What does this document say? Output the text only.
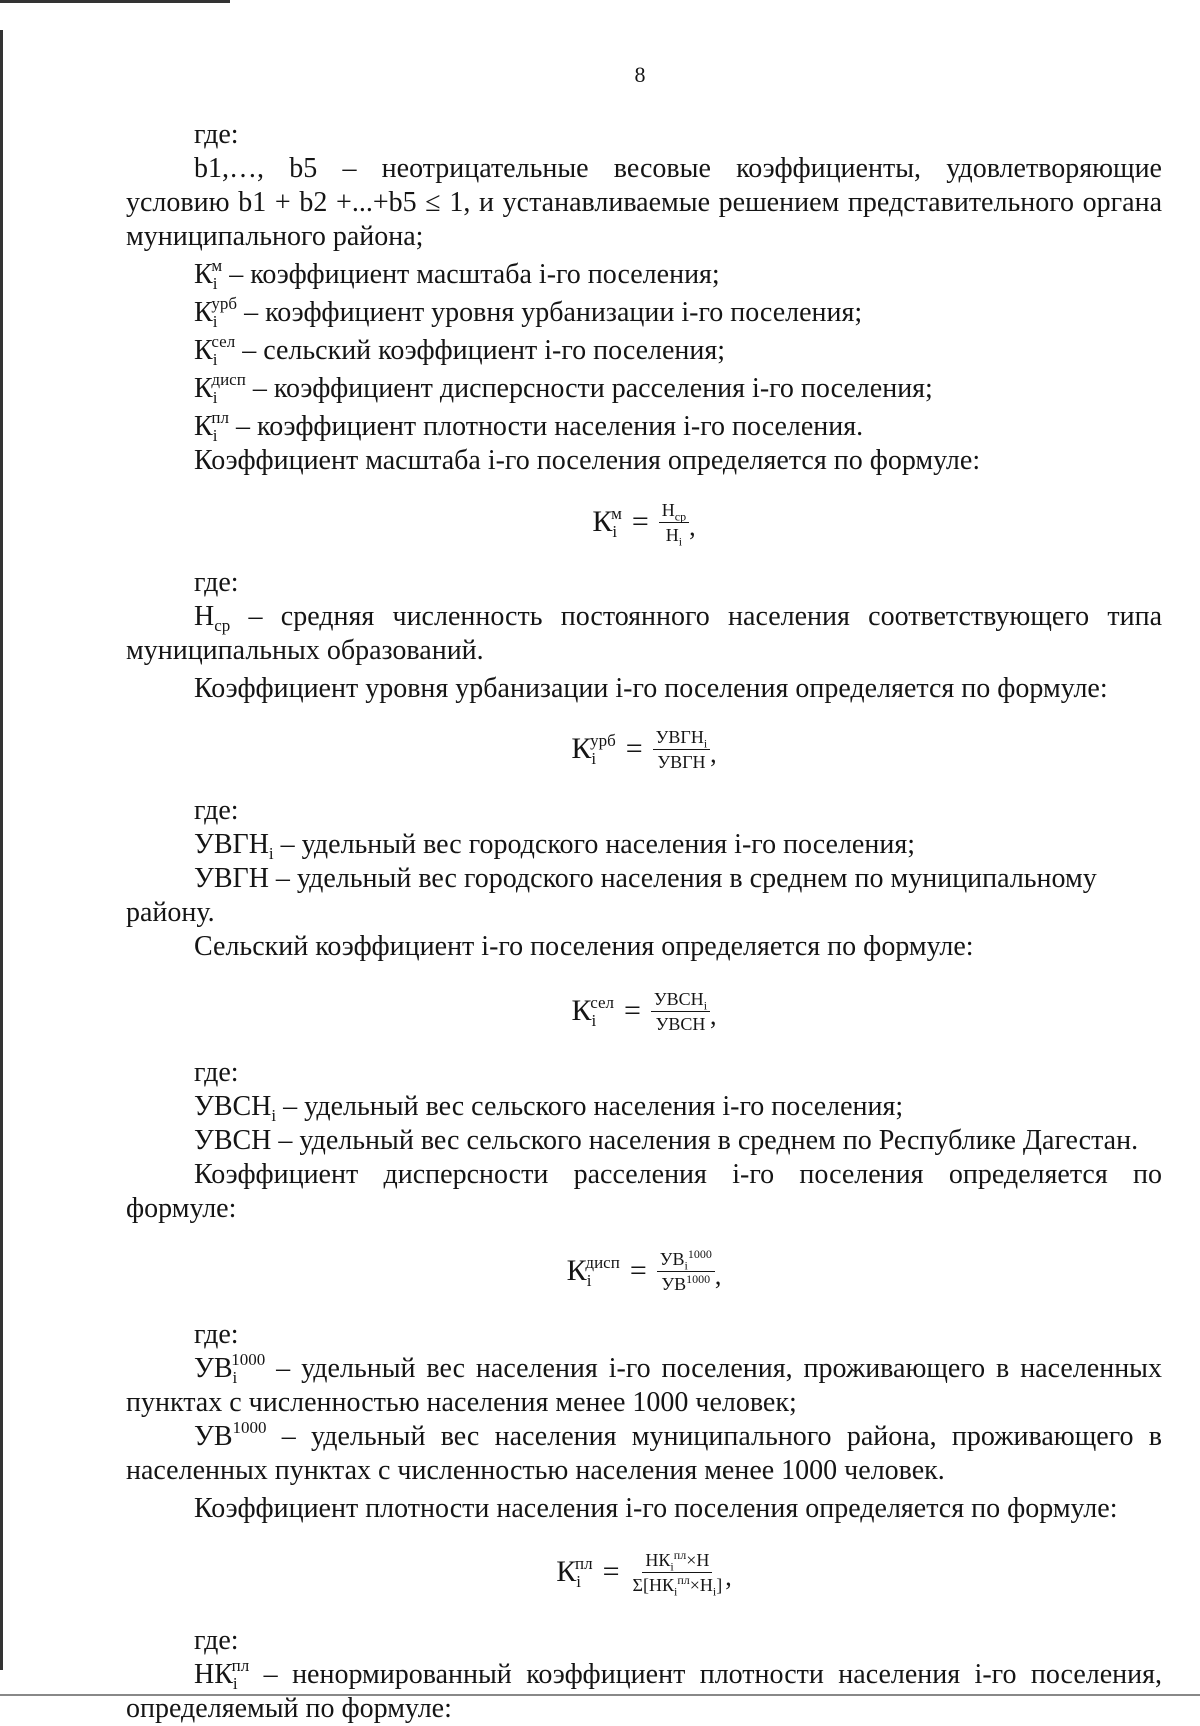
8

где:

b1,…, b5 – неотрицательные весовые коэффициенты, удовлетворяющие условию b1 + b2 +...+b5 ≤ 1, и устанавливаемые решением представительного органа муниципального района;

$К_i^м$ – коэффициент масштаба i-го поселения;

$К_i^{урб}$ – коэффициент уровня урбанизации i-го поселения;

$К_i^{сел}$ – сельский коэффициент i-го поселения;

$К_i^{дисп}$ – коэффициент дисперсности расселения i-го поселения;

$К_i^{пл}$ – коэффициент плотности населения i-го поселения.

Коэффициент масштаба i-го поселения определяется по формуле:

$К_i^м = \frac{Н_{ср}}{Н_i}$ ,

где:

$Н_{ср}$ – средняя численность постоянного населения соответствующего типа муниципальных образований.

Коэффициент уровня урбанизации i-го поселения определяется по формуле:

$К_i^{урб} = \frac{УВГН_i}{\text{УВГН}}$ ,

где:

$УВГН_i$ – удельный вес городского населения i-го поселения;

УВГН – удельный вес городского населения в среднем по муниципальному району.

Сельский коэффициент i-го поселения определяется по формуле:

$К_i^{сел} = \frac{УВСН_i}{\text{УВСН}}$ ,

где:

$УВСН_i$ – удельный вес сельского населения i-го поселения;

УВСН – удельный вес сельского населения в среднем по Республике Дагестан.

Коэффициент дисперсности расселения i-го поселения определяется по формуле:

$К_i^{дисп} = \frac{УВ_i^{1000}}{УВ^{1000}}$ ,

где:

$УВ_i^{1000}$ – удельный вес населения i-го поселения, проживающего в населенных пунктах с численностью населения менее 1000 человек;

$УВ^{1000}$ – удельный вес населения муниципального района, проживающего в населенных пунктах с численностью населения менее 1000 человек.

Коэффициент плотности населения i-го поселения определяется по формуле:

$К_i^{пл} = \frac{НК_i^{пл}\times Н}{\Sigma[НК_i^{пл}\times Н_i]}$ ,

где:

$НК_i^{пл}$ – ненормированный коэффициент плотности населения i-го поселения, определяемый по формуле:
